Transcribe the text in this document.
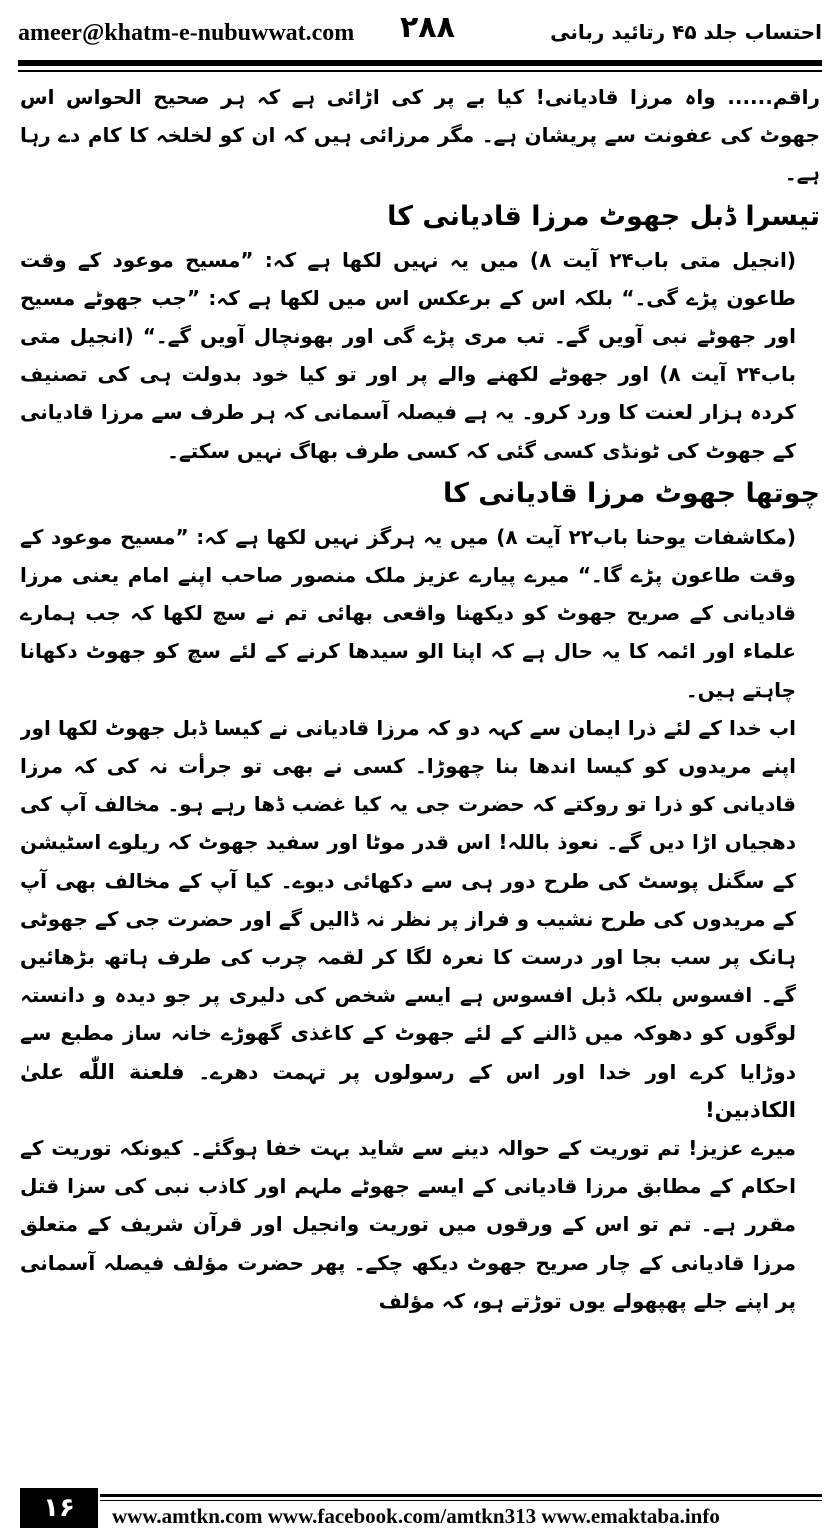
ameer@khatm-e-nubuwwat.com ۲۸۸	احتساب جلد ۴۵ رتائید ربانی

راقم...... واہ مرزا قادیانی! کیا بے پر کی اڑائی ہے کہ ہر صحیح الحواس اس جھوٹ کی عفونت سے پریشان ہے۔ مگر مرزائی ہیں کہ ان کو لخلخہ کا کام دے رہا ہے۔

تیسرا ڈبل جھوٹ مرزا قادیانی کا

(انجیل متی باب۲۴ آیت ۸) میں یہ نہیں لکھا ہے کہ: ”مسیح موعود کے وقت طاعون پڑے گی۔“ بلکہ اس کے برعکس اس میں لکھا ہے کہ: ”جب جھوٹے مسیح اور جھوٹے نبی آویں گے۔ تب مری پڑے گی اور بھونچال آویں گے۔“ (انجیل متی باب۲۴ آیت ۸) اور جھوٹے لکھنے والے پر اور تو کیا خود بدولت ہی کی تصنیف کردہ ہزار لعنت کا ورد کرو۔ یہ ہے فیصلہ آسمانی کہ ہر طرف سے مرزا قادیانی کے جھوٹ کی ٹونڈی کسی گئی کہ کسی طرف بھاگ نہیں سکتے۔

چوتھا جھوٹ مرزا قادیانی کا

(مکاشفات یوحنا باب۲۲ آیت ۸) میں یہ ہرگز نہیں لکھا ہے کہ: ”مسیح موعود کے وقت طاعون پڑے گا۔“ میرے پیارے عزیز ملک منصور صاحب اپنے امام یعنی مرزا قادیانی کے صریح جھوٹ کو دیکھنا واقعی بھائی تم نے سچ لکھا کہ جب ہمارے علماء اور ائمہ کا یہ حال ہے کہ اپنا الو سیدھا کرنے کے لئے سچ کو جھوٹ دکھانا چاہتے ہیں۔

اب خدا کے لئے ذرا ایمان سے کہہ دو کہ مرزا قادیانی نے کیسا ڈبل جھوٹ لکھا اور اپنے مریدوں کو کیسا اندھا بنا چھوڑا۔ کسی نے بھی تو جرأت نہ کی کہ مرزا قادیانی کو ذرا تو روکتے کہ حضرت جی یہ کیا غضب ڈھا رہے ہو۔ مخالف آپ کی دھجیاں اڑا دیں گے۔ نعوذ باللہ! اس قدر موٹا اور سفید جھوٹ کہ ریلوے اسٹیشن کے سگنل پوسٹ کی طرح دور ہی سے دکھائی دیوے۔ کیا آپ کے مخالف بھی آپ کے مریدوں کی طرح نشیب و فراز پر نظر نہ ڈالیں گے اور حضرت جی کے جھوٹی ہانک پر سب بجا اور درست کا نعرہ لگا کر لقمہ چرب کی طرف ہاتھ بڑھائیں گے۔ افسوس بلکہ ڈبل افسوس ہے ایسے شخص کی دلیری پر جو دیدہ و دانستہ لوگوں کو دھوکہ میں ڈالنے کے لئے جھوٹ کے کاغذی گھوڑے خانہ ساز مطبع سے دوڑایا کرے اور خدا اور اس کے رسولوں پر تہمت دھرے۔ فلعنة اللّٰه علیٰ الکاذبین!

میرے عزیز! تم توریت کے حوالہ دینے سے شاید بہت خفا ہوگئے۔ کیونکہ توریت کے احکام کے مطابق مرزا قادیانی کے ایسے جھوٹے ملہم اور کاذب نبی کی سزا قتل مقرر ہے۔ تم تو اس کے ورقوں میں توریت وانجیل اور قرآن شریف کے متعلق مرزا قادیانی کے چار صریح جھوٹ دیکھ چکے۔ پھر حضرت مؤلف فیصلہ آسمانی پر اپنے جلے پھپھولے یوں توڑتے ہو، کہ مؤلف

۱۶	www.amtkn.com www.facebook.com/amtkn313 www.emaktaba.info
